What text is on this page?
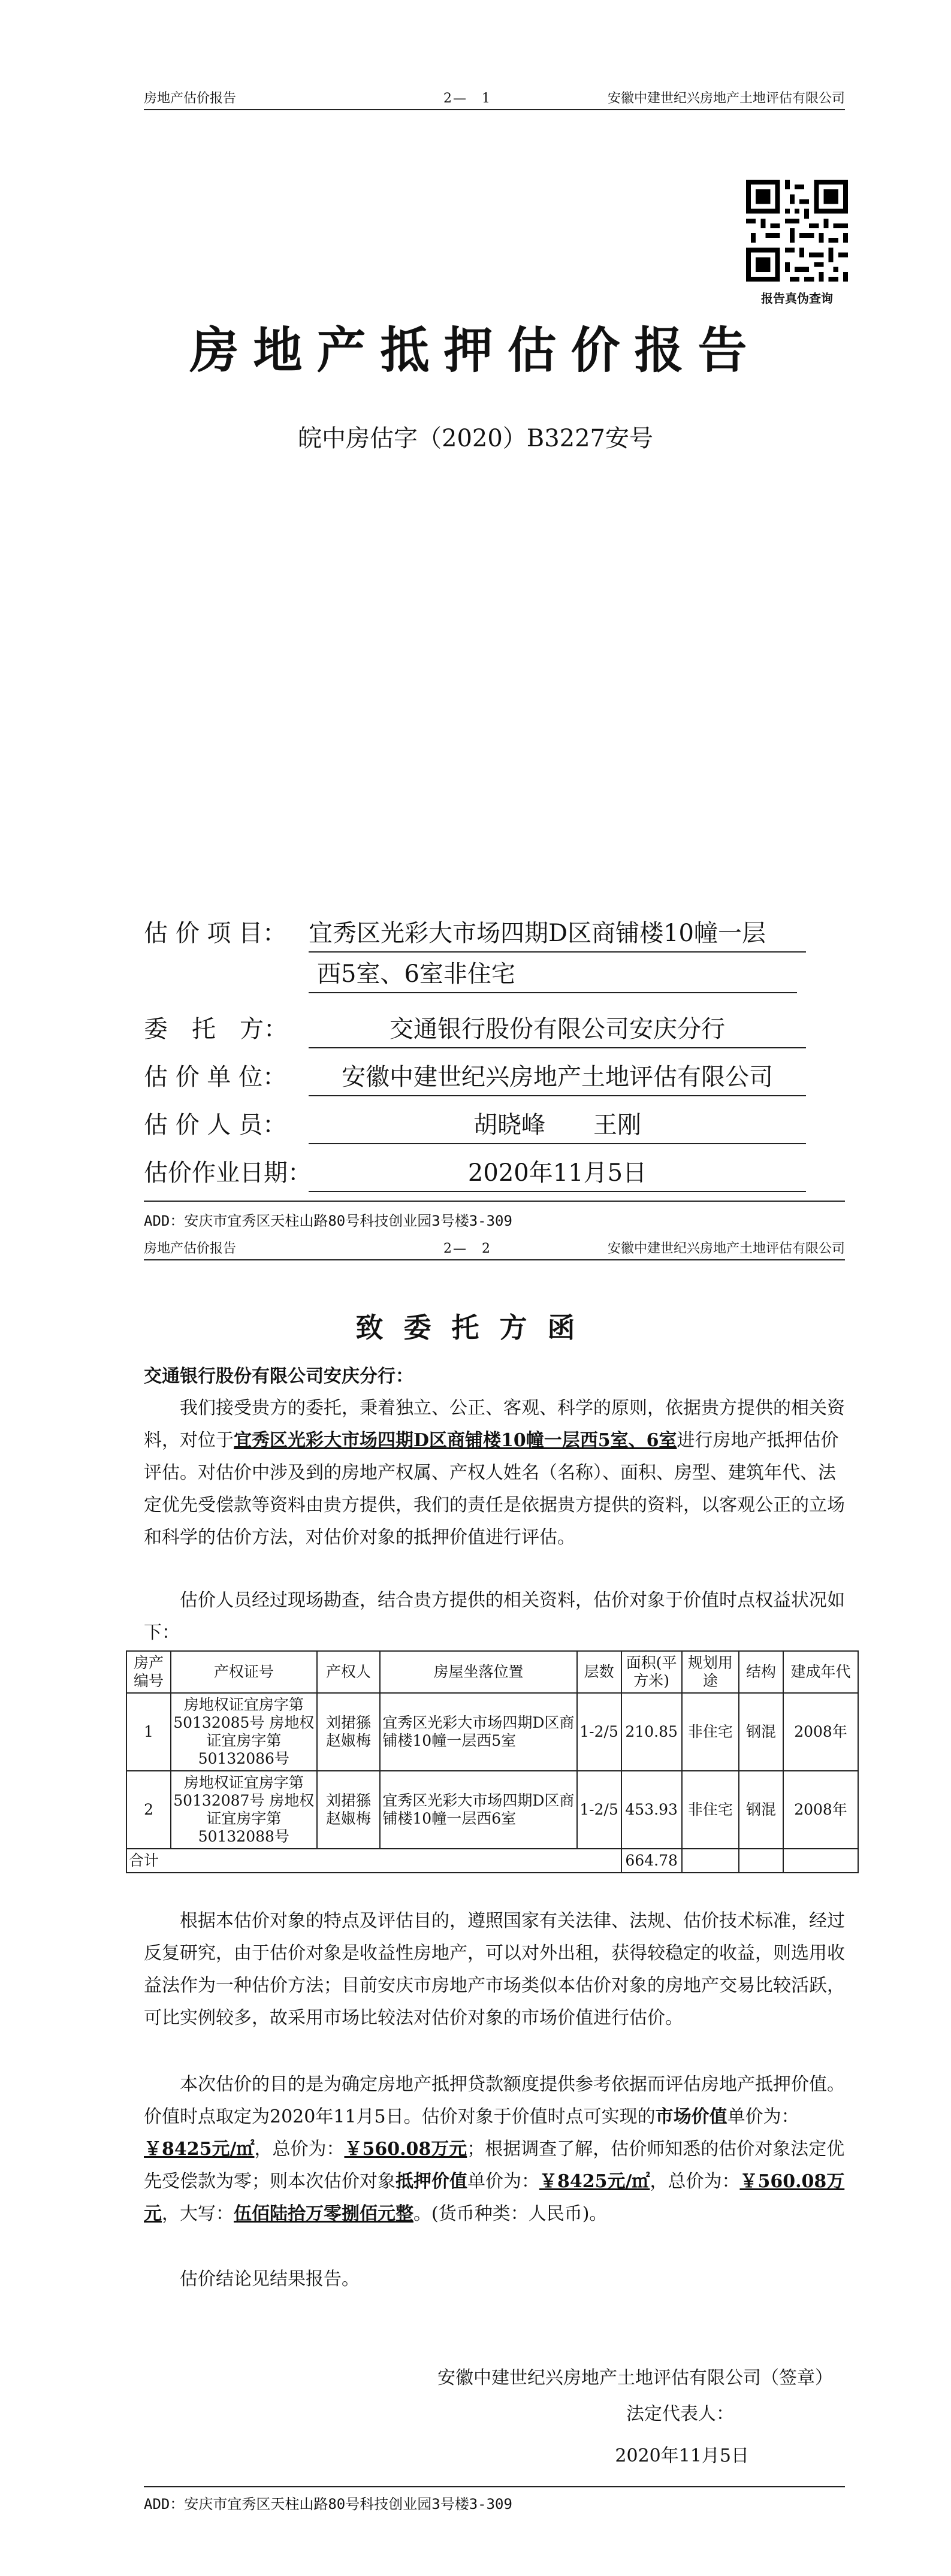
房地产估价报告	2—　1	安徽中建世纪兴房地产土地评估有限公司
报告真伪查询
房地产抵押估价报告
皖中房估字（2020）B3227安号
估 价 项 目： 宜秀区光彩大市场四期D区商铺楼10幢一层
西5室、6室非住宅
委　托　方：	交通银行股份有限公司安庆分行
估 价 单 位：	安徽中建世纪兴房地产土地评估有限公司
估 价 人 员：	胡晓峰　　王刚
估价作业日期：	2020年11月5日
ADD：安庆市宜秀区天柱山路80号科技创业园3号楼3-309
房地产估价报告	2—　2	安徽中建世纪兴房地产土地评估有限公司
致委托方函
交通银行股份有限公司安庆分行：
我们接受贵方的委托，秉着独立、公正、客观、科学的原则，依据贵方提供的相关资料，对位于宜秀区光彩大市场四期D区商铺楼10幢一层西5室、6室进行房地产抵押估价评估。对估价中涉及到的房地产权属、产权人姓名（名称）、面积、房型、建筑年代、法定优先受偿款等资料由贵方提供，我们的责任是依据贵方提供的资料，以客观公正的立场和科学的估价方法，对估价对象的抵押价值进行评估。
估价人员经过现场勘查，结合贵方提供的相关资料，估价对象于价值时点权益状况如下：
房产编号	产权证号	产权人	房屋坐落位置	层数	面积(平方米)	规划用途	结构	建成年代
1	房地权证宜房字第50132085号 房地权证宜房字第50132086号	刘捃猻 赵婌梅	宜秀区光彩大市场四期D区商铺楼10幢一层西5室	1-2/5	210.85	非住宅	钢混	2008年
2	房地权证宜房字第50132087号 房地权证宜房字第50132088号	刘捃猻 赵婌梅	宜秀区光彩大市场四期D区商铺楼10幢一层西6室	1-2/5	453.93	非住宅	钢混	2008年
合计					664.78			
根据本估价对象的特点及评估目的，遵照国家有关法律、法规、估价技术标准，经过反复研究，由于估价对象是收益性房地产，可以对外出租，获得较稳定的收益，则选用收益法作为一种估价方法；目前安庆市房地产市场类似本估价对象的房地产交易比较活跃，可比实例较多，故采用市场比较法对估价对象的市场价值进行估价。
本次估价的目的是为确定房地产抵押贷款额度提供参考依据而评估房地产抵押价值。价值时点取定为2020年11月5日。估价对象于价值时点可实现的市场价值单价为：￥8425元/㎡，总价为：￥560.08万元；根据调查了解，估价师知悉的估价对象法定优先受偿款为零；则本次估价对象抵押价值单价为：￥8425元/㎡，总价为：￥560.08万元，大写：伍佰陆拾万零捌佰元整。(货币种类：人民币)。
估价结论见结果报告。
安徽中建世纪兴房地产土地评估有限公司（签章）
法定代表人：
2020年11月5日
ADD：安庆市宜秀区天柱山路80号科技创业园3号楼3-309
